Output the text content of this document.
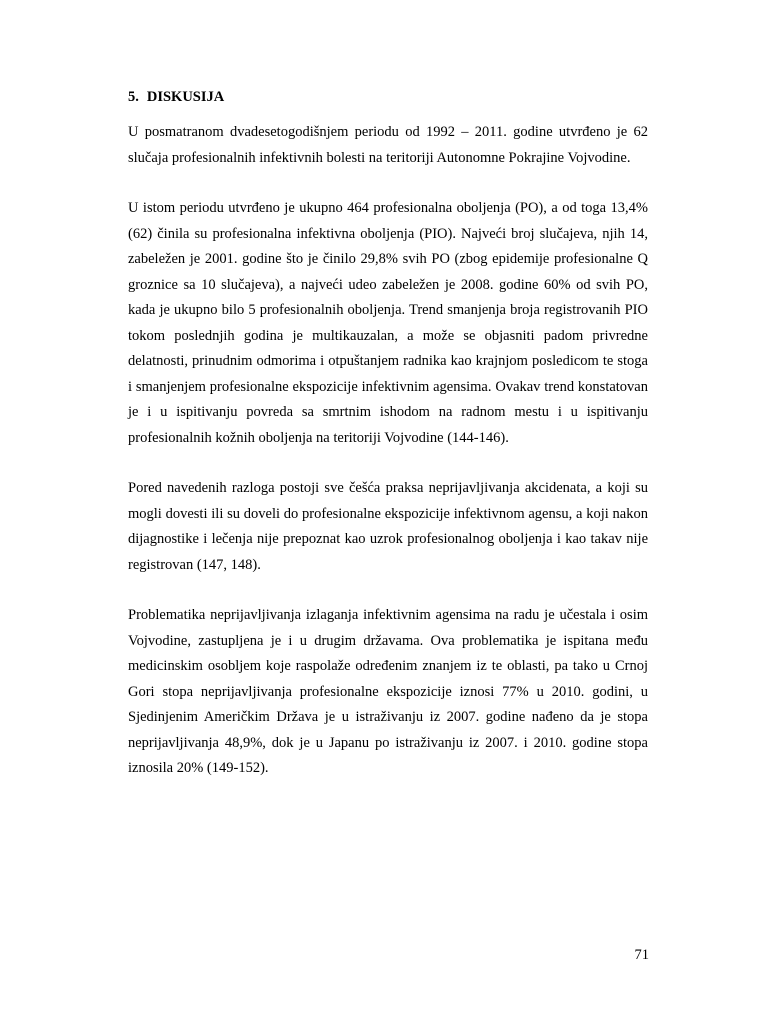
5. DISKUSIJA

U posmatranom dvadesetogodišnjem periodu od 1992 – 2011. godine utvrđeno je 62 slučaja profesionalnih infektivnih bolesti na teritoriji Autonomne Pokrajine Vojvodine.

U istom periodu utvrđeno je ukupno 464 profesionalna oboljenja (PO), a od toga 13,4% (62) činila su profesionalna infektivna oboljenja (PIO). Najveći broj slučajeva, njih 14, zabeležen je 2001. godine što je činilo 29,8% svih PO (zbog epidemije profesionalne Q groznice sa 10 slučajeva), a najveći udeo zabeležen je 2008. godine 60% od svih PO, kada je ukupno bilo 5 profesionalnih oboljenja. Trend smanjenja broja registrovanih PIO tokom poslednjih godina je multikauzalan, a može se objasniti padom privredne delatnosti, prinudnim odmorima i otpuštanjem radnika kao krajnjom posledicom te stoga i smanjenjem profesionalne ekspozicije infektivnim agensima. Ovakav trend konstatovan je i u ispitivanju povreda sa smrtnim ishodom na radnom mestu i u ispitivanju profesionalnih kožnih oboljenja na teritoriji Vojvodine (144-146).

Pored navedenih razloga postoji sve češća praksa neprijavljivanja akcidenata, a koji su mogli dovesti ili su doveli do profesionalne ekspozicije infektivnom agensu, a koji nakon dijagnostike i lečenja nije prepoznat kao uzrok profesionalnog oboljenja i kao takav nije registrovan (147, 148).

Problematika neprijavljivanja izlaganja infektivnim agensima na radu je učestala i osim Vojvodine, zastupljena je i u drugim državama. Ova problematika je ispitana među medicinskim osobljem koje raspolaže određenim znanjem iz te oblasti, pa tako u Crnoj Gori stopa neprijavljivanja profesionalne ekspozicije iznosi 77% u 2010. godini, u Sjedinjenim Američkim Država je u istraživanju iz 2007. godine nađeno da je stopa neprijavljivanja 48,9%, dok je u Japanu po istraživanju iz 2007. i 2010. godine stopa iznosila 20% (149-152).

71
